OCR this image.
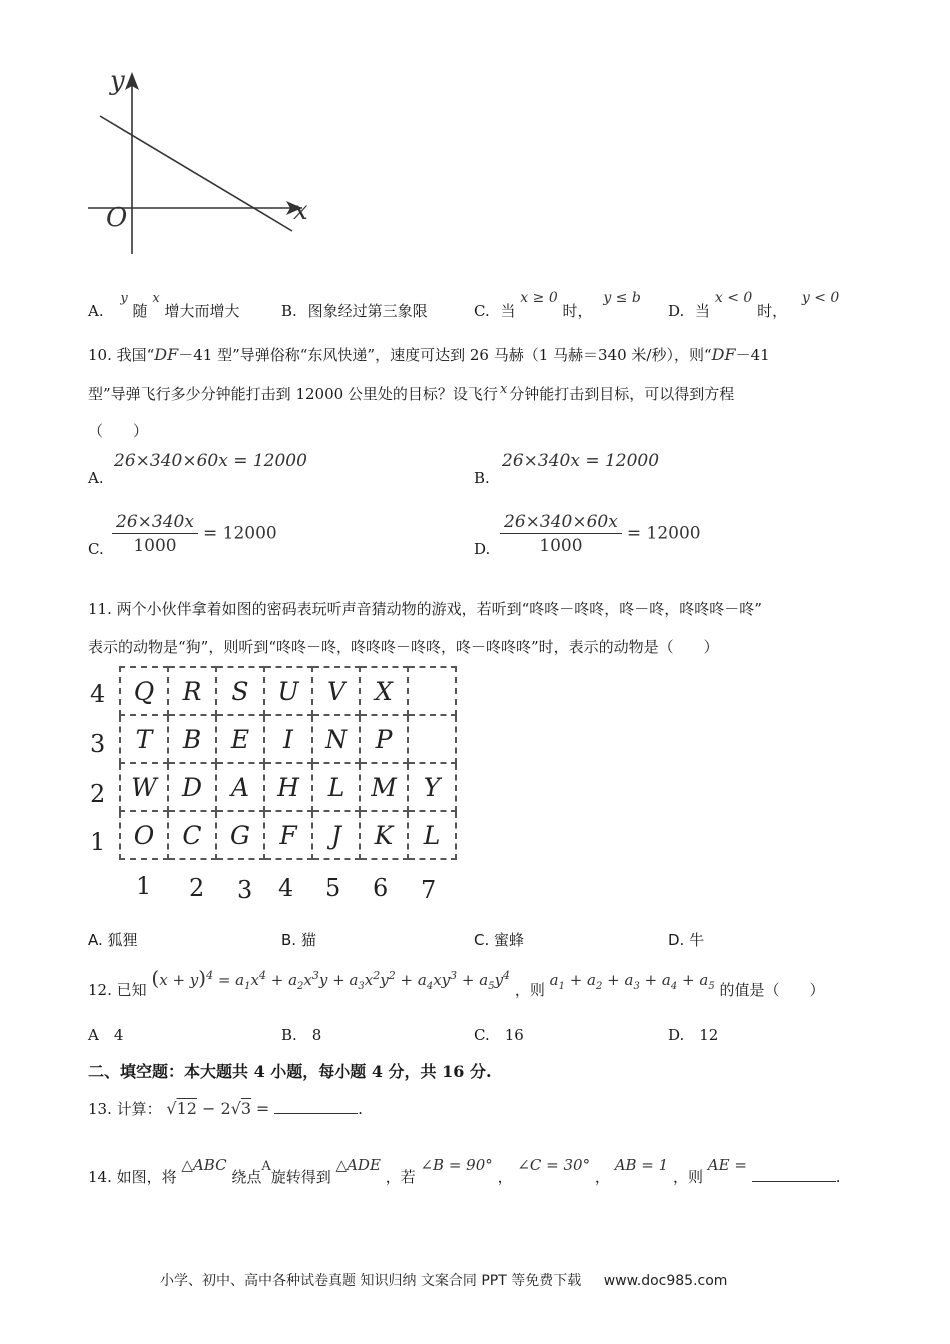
y
x
O
A. y 随 x 增大而增大	B. 图象经过第三象限	C. 当 x ≥ 0 时， y ≤ b
D. 当 x < 0 时， y < 0
10. 我国“DF－41 型”导弹俗称“东风快递”，速度可达到 26 马赫（1 马赫＝340 米/秒），则“DF－41
型”导弹飞行多少分钟能打击到 12000 公里处的目标？设飞行 x 分钟能打击到目标，可以得到方程
（　　）
A.
26×340×60x = 12000
B.
26×340x = 12000
C. $\frac{26\times 340x}{1000} = 12000$
D. $\frac{26\times 340\times 60x}{1000} = 12000$
11. 两个小伙伴拿着如图的密码表玩听声音猜动物的游戏，若听到“咚咚－咚咚，咚－咚，咚咚咚－咚”
表示的动物是“狗”，则听到“咚咚－咚，咚咚咚－咚咚，咚－咚咚咚”时，表示的动物是（　　）
Q	R	S	U	V	X	
T	B	E	I	N	P	
W	D	A	H	L	M	Y
O	C	G	F	J	K	L
4
3
2
1
1 2 3 4 5 6 7
A. 狐狸	B. 猫	C. 蜜蜂	D. 牛
12. 已知 $(x + y)^4 = a_1x^4 + a_2x^3y + a_3x^2y^2 + a_4xy^3 + a_5y^4$ ，则 $a_1 + a_2 + a_3 + a_4 + a_5$ 的值是（　　）
A　4	B.　8	C.　16	D.　12
二、填空题：本大题共 4 小题，每小题 4 分，共 16 分.
13. 计算： √12 − 2√3 =	.
14. 如图，将 △ABC 绕点A旋转得到 △ADE ，若 ∠B = 90° ， ∠C = 30° ， AB = 1 ，则 AE = .
小学、初中、高中各种试卷真题 知识归纳 文案合同 PPT 等免费下载 www.doc985.com
